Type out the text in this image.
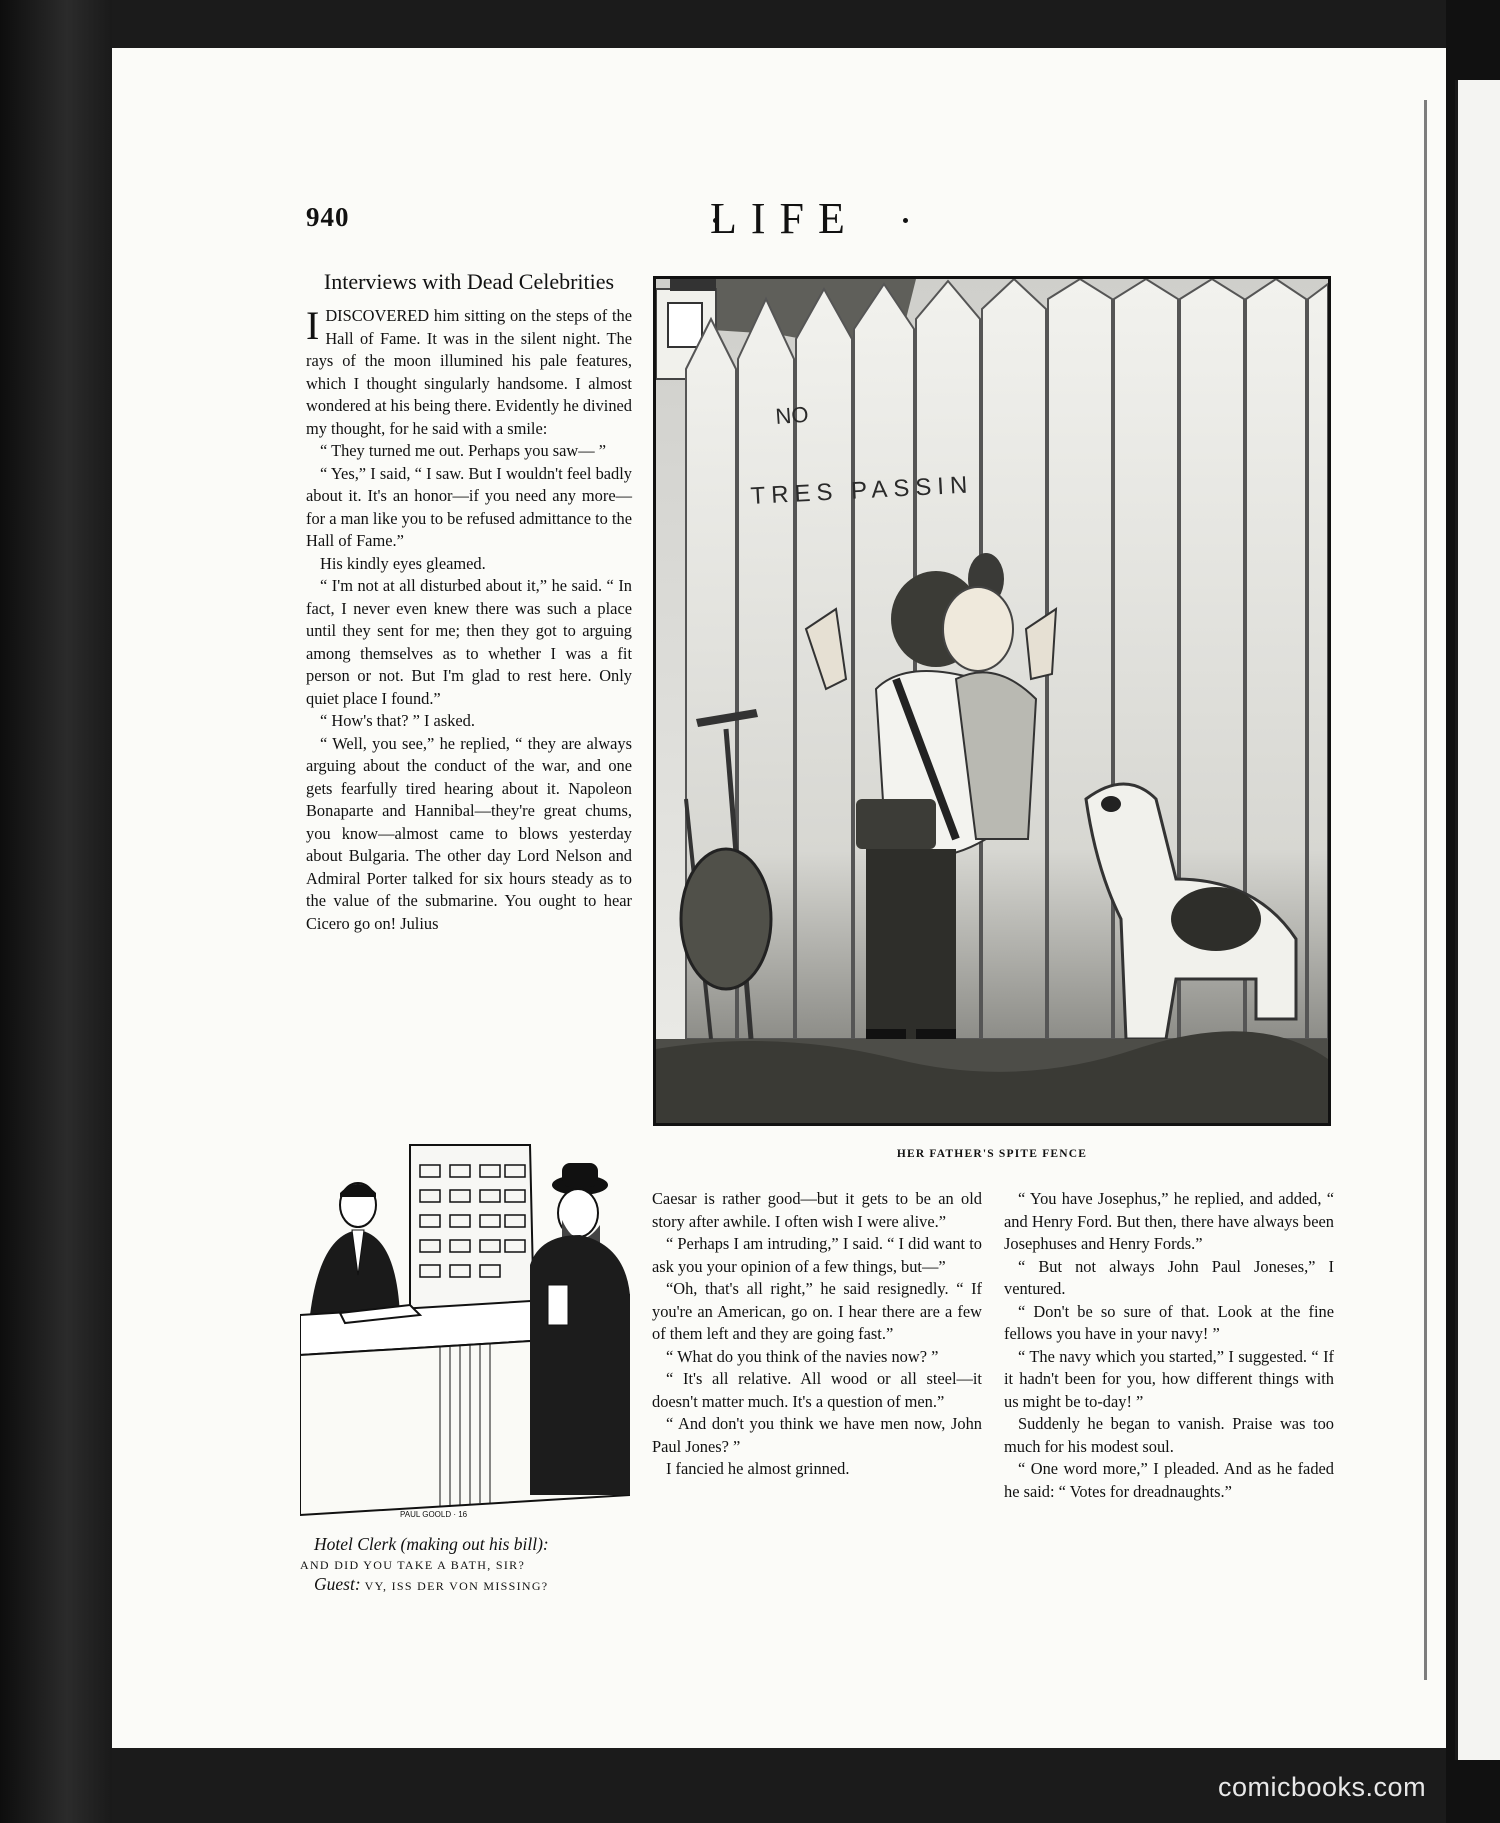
940	LIFE
Interviews with Dead Celebrities

IDISCOVERED him sitting on the steps of the Hall of Fame. It was in the silent night. The rays of the moon illumined his pale features, which I thought singularly handsome. I almost wondered at his being there. Evidently he divined my thought, for he said with a smile:

“ They turned me out. Perhaps you saw— ”

“ Yes,” I said, “ I saw. But I wouldn't feel badly about it. It's an honor—if you need any more—for a man like you to be refused admittance to the Hall of Fame.”

His kindly eyes gleamed.

“ I'm not at all disturbed about it,” he said. “ In fact, I never even knew there was such a place until they sent for me; then they got to arguing among themselves as to whether I was a fit person or not. But I'm glad to rest here. Only quiet place I found.”

“ How's that? ” I asked.

“ Well, you see,” he replied, “ they are always arguing about the conduct of the war, and one gets fearfully tired hearing about it. Napoleon Bonaparte and Hannibal—they're great chums, you know—almost came to blows yesterday about Bulgaria. The other day Lord Nelson and Admiral Porter talked for six hours steady as to the value of the submarine. You ought to hear Cicero go on! Julius

NO
TRES PASSIN
HER FATHER'S SPITE FENCE
PAUL GOOLD · 16
Hotel Clerk (making out his bill):
AND DID YOU TAKE A BATH, SIR?
Guest: VY, ISS DER VON MISSING?

Caesar is rather good—but it gets to be an old story after awhile. I often wish I were alive.”

“ Perhaps I am intruding,” I said. “ I did want to ask you your opinion of a few things, but—”

“Oh, that's all right,” he said resignedly. “ If you're an American, go on. I hear there are a few of them left and they are going fast.”

“ What do you think of the navies now? ”

“ It's all relative. All wood or all steel—it doesn't matter much. It's a question of men.”

“ And don't you think we have men now, John Paul Jones? ”

I fancied he almost grinned.

“ You have Josephus,” he replied, and added, “ and Henry Ford. But then, there have always been Josephuses and Henry Fords.”

“ But not always John Paul Joneses,” I ventured.

“ Don't be so sure of that. Look at the fine fellows you have in your navy! ”

“ The navy which you started,” I suggested. “ If it hadn't been for you, how different things with us might be to-day! ”

Suddenly he began to vanish. Praise was too much for his modest soul.

“ One word more,” I pleaded. And as he faded he said: “ Votes for dreadnaughts.”

comicbooks.com
